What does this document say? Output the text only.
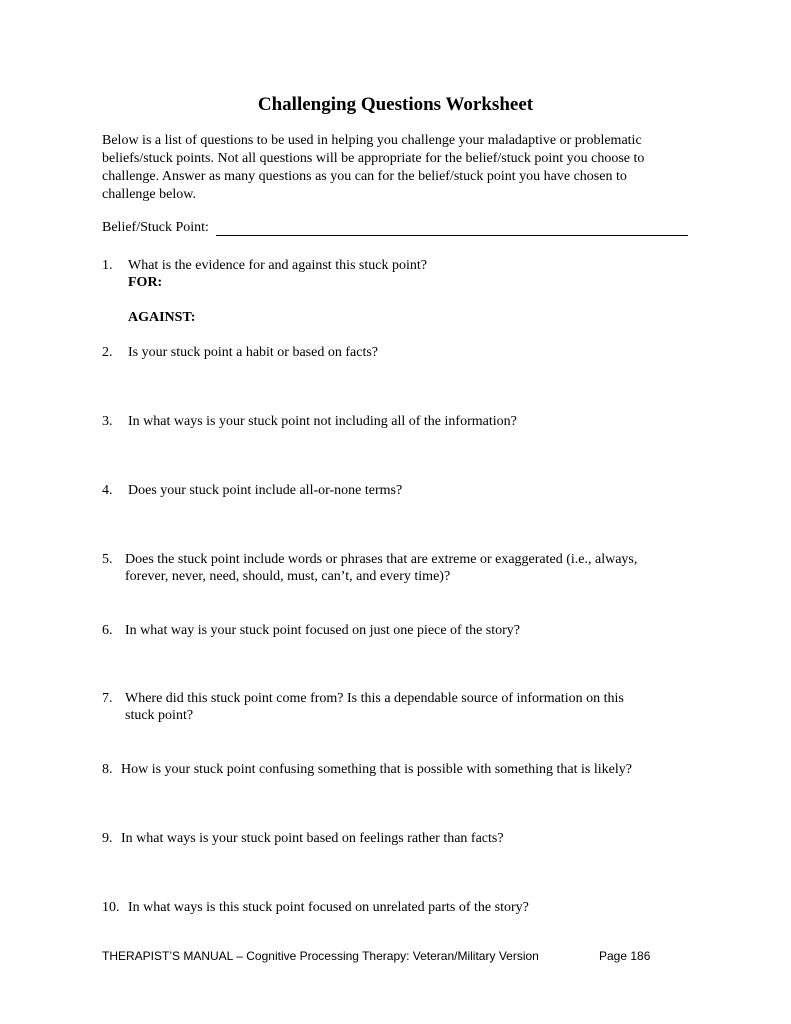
Challenging Questions Worksheet
Below is a list of questions to be used in helping you challenge your maladaptive or problematic
beliefs/stuck points. Not all questions will be appropriate for the belief/stuck point you choose to
challenge. Answer as many questions as you can for the belief/stuck point you have chosen to
challenge below.
Belief/Stuck Point:
1. What is the evidence for and against this stuck point?
FOR:
AGAINST:
2. Is your stuck point a habit or based on facts?
3. In what ways is your stuck point not including all of the information?
4. Does your stuck point include all-or-none terms?
5. Does the stuck point include words or phrases that are extreme or exaggerated (i.e., always,
forever, never, need, should, must, can’t, and every time)?
6. In what way is your stuck point focused on just one piece of the story?
7. Where did this stuck point come from? Is this a dependable source of information on this
stuck point?
8. How is your stuck point confusing something that is possible with something that is likely?
9. In what ways is your stuck point based on feelings rather than facts?
10. In what ways is this stuck point focused on unrelated parts of the story?
THERAPIST’S MANUAL – Cognitive Processing Therapy: Veteran/Military Version	Page 186
